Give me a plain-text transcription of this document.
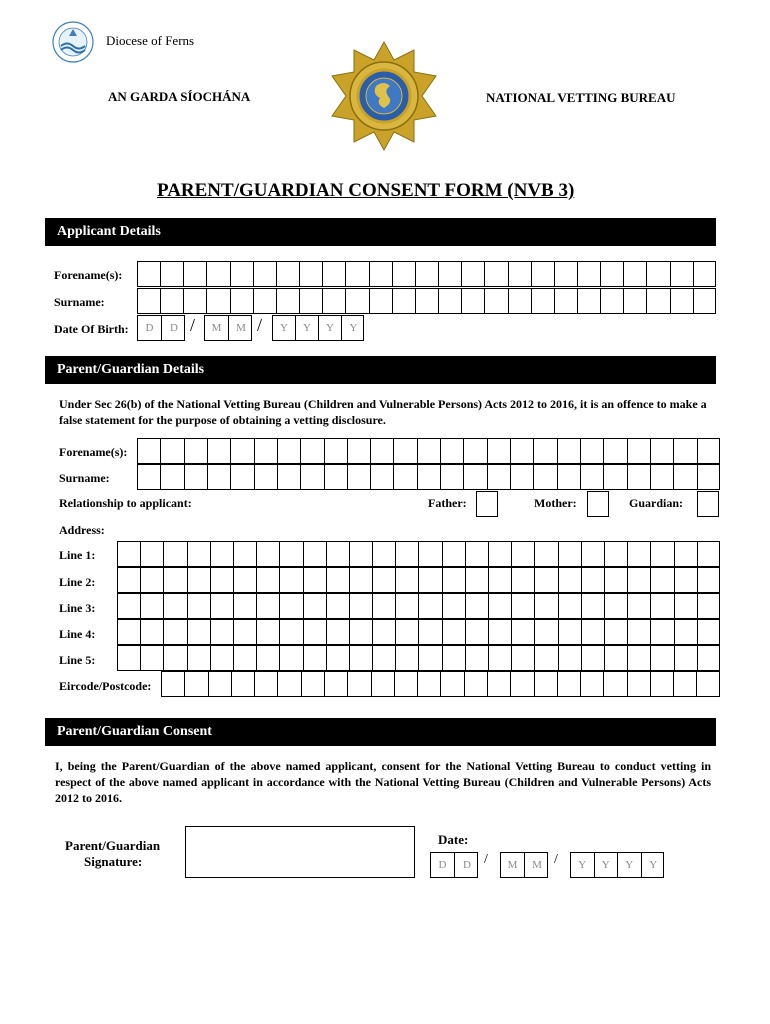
Diocese of Ferns
AN GARDA SÍOCHÁNA	NATIONAL VETTING BUREAU
PARENT/GUARDIAN CONSENT FORM (NVB 3)
Applicant Details
Forename(s):
Surname:
Date Of Birth:	D	D /	M	M /	Y	Y	Y	Y
Parent/Guardian Details
Under Sec 26(b) of the National Vetting Bureau (Children and Vulnerable Persons) Acts 2012 to 2016, it is an offence to make a false statement for the purpose of obtaining a vetting disclosure.
Forename(s):
Surname:
Relationship to applicant:	Father:	Mother:	Guardian:
Address:
Line 1:
Line 2:
Line 3:
Line 4:
Line 5:
Eircode/Postcode:
Parent/Guardian Consent
I, being the Parent/Guardian of the above named applicant, consent for the National Vetting Bureau to conduct vetting in respect of the above named applicant in accordance with the National Vetting Bureau (Children and Vulnerable Persons) Acts 2012 to 2016.
Parent/Guardian
Signature:
Date:
D	D /	M	M /	Y	Y	Y	Y
